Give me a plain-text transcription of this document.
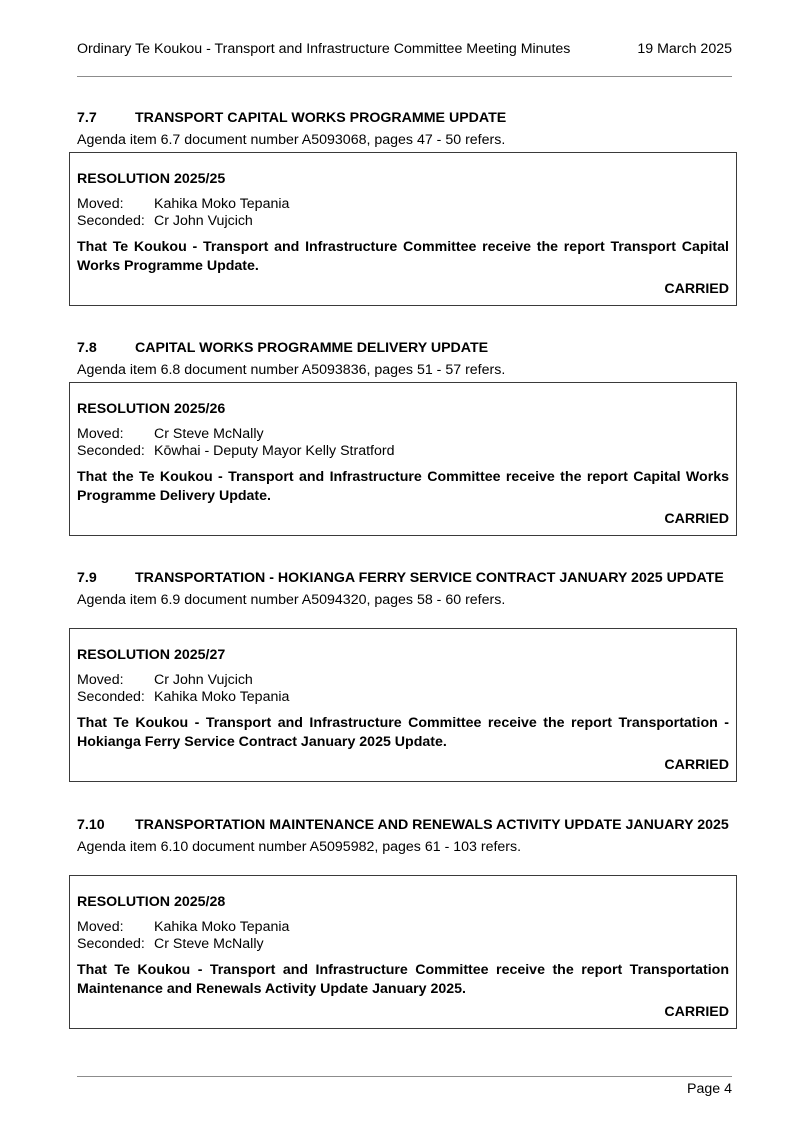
Ordinary Te Koukou - Transport and Infrastructure Committee Meeting Minutes	19 March 2025
7.7	TRANSPORT CAPITAL WORKS PROGRAMME UPDATE
Agenda item 6.7 document number A5093068, pages 47 - 50 refers.
RESOLUTION 2025/25
Moved:	Kahika Moko Tepania
Seconded: Cr John Vujcich
That Te Koukou - Transport and Infrastructure Committee receive the report Transport Capital Works Programme Update.
CARRIED
7.8	CAPITAL WORKS PROGRAMME DELIVERY UPDATE
Agenda item 6.8 document number A5093836, pages 51 - 57 refers.
RESOLUTION 2025/26
Moved:	Cr Steve McNally
Seconded: Kōwhai - Deputy Mayor Kelly Stratford
That the Te Koukou - Transport and Infrastructure Committee receive the report Capital Works Programme Delivery Update.
CARRIED
7.9	TRANSPORTATION - HOKIANGA FERRY SERVICE CONTRACT JANUARY 2025 UPDATE
Agenda item 6.9 document number A5094320, pages 58 - 60 refers.
RESOLUTION 2025/27
Moved:	Cr John Vujcich
Seconded: Kahika Moko Tepania
That Te Koukou - Transport and Infrastructure Committee receive the report Transportation - Hokianga Ferry Service Contract January 2025 Update.
CARRIED
7.10	TRANSPORTATION MAINTENANCE AND RENEWALS ACTIVITY UPDATE JANUARY 2025
Agenda item 6.10 document number A5095982, pages 61 - 103 refers.
RESOLUTION 2025/28
Moved:	Kahika Moko Tepania
Seconded: Cr Steve McNally
That Te Koukou - Transport and Infrastructure Committee receive the report Transportation Maintenance and Renewals Activity Update January 2025.
CARRIED
Page 4
